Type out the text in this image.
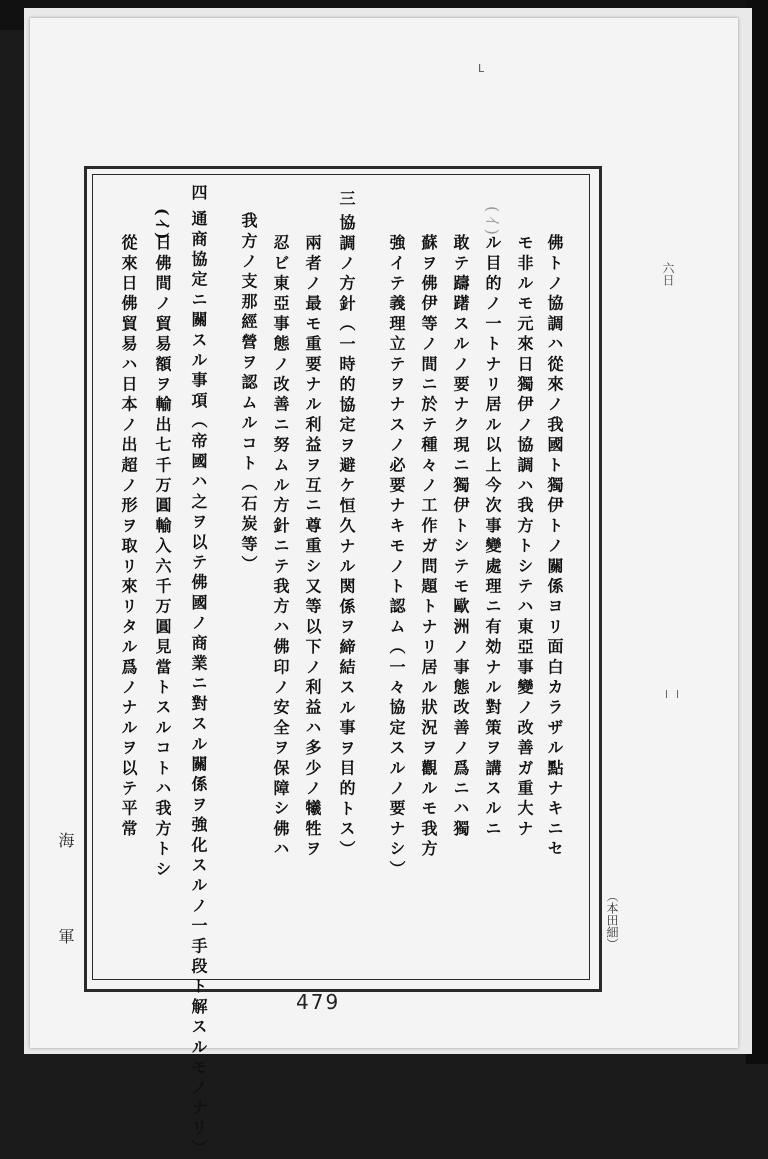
L
六日
佛トノ協調ハ從來ノ我國ト獨伊トノ關係ヨリ面白カラザル點ナキニセ
モ非ルモ元來日獨伊ノ協調ハ我方トシテハ東亞事變ノ改善ガ重大ナ
(ｲ)
ル目的ノ一トナリ居ル以上今次事變處理ニ有効ナル對策ヲ講スルニ
敢テ躊躇スルノ要ナク現ニ獨伊トシテモ歐洲ノ事態改善ノ爲ニハ獨
蘇ヲ佛伊等ノ間ニ於テ種々ノ工作ガ問題トナリ居ル狀況ヲ觀ルモ我方
強イテ義理立テヲナスノ必要ナキモノト認ム（一々協定スルノ要ナシ）
三
協調ノ方針（一時的協定ヲ避ケ恒久ナル関係ヲ締結スル事ヲ目的トス）
兩者ノ最モ重要ナル利益ヲ互ニ尊重シ又等以下ノ利益ハ多少ノ犧牲ヲ
忍ビ東亞事態ノ改善ニ努ムル方針ニテ我方ハ佛印ノ安全ヲ保障シ佛ハ
我方ノ支那經營ヲ認ムルコト（石炭等）
四
通商協定ニ關スル事項（帝國ハ之ヲ以テ佛國ノ商業ニ對スル關係ヲ強化スルノ一手段ト解スルモノナリ）
(ｲ)
日佛間ノ貿易額ヲ輸出七千万圓輸入六千万圓見當トスルコトハ我方トシ
從來日佛貿易ハ日本ノ出超ノ形ヲ取リ來リタル爲ノナルヲ以テ平常
海
軍	（本田細）
479
